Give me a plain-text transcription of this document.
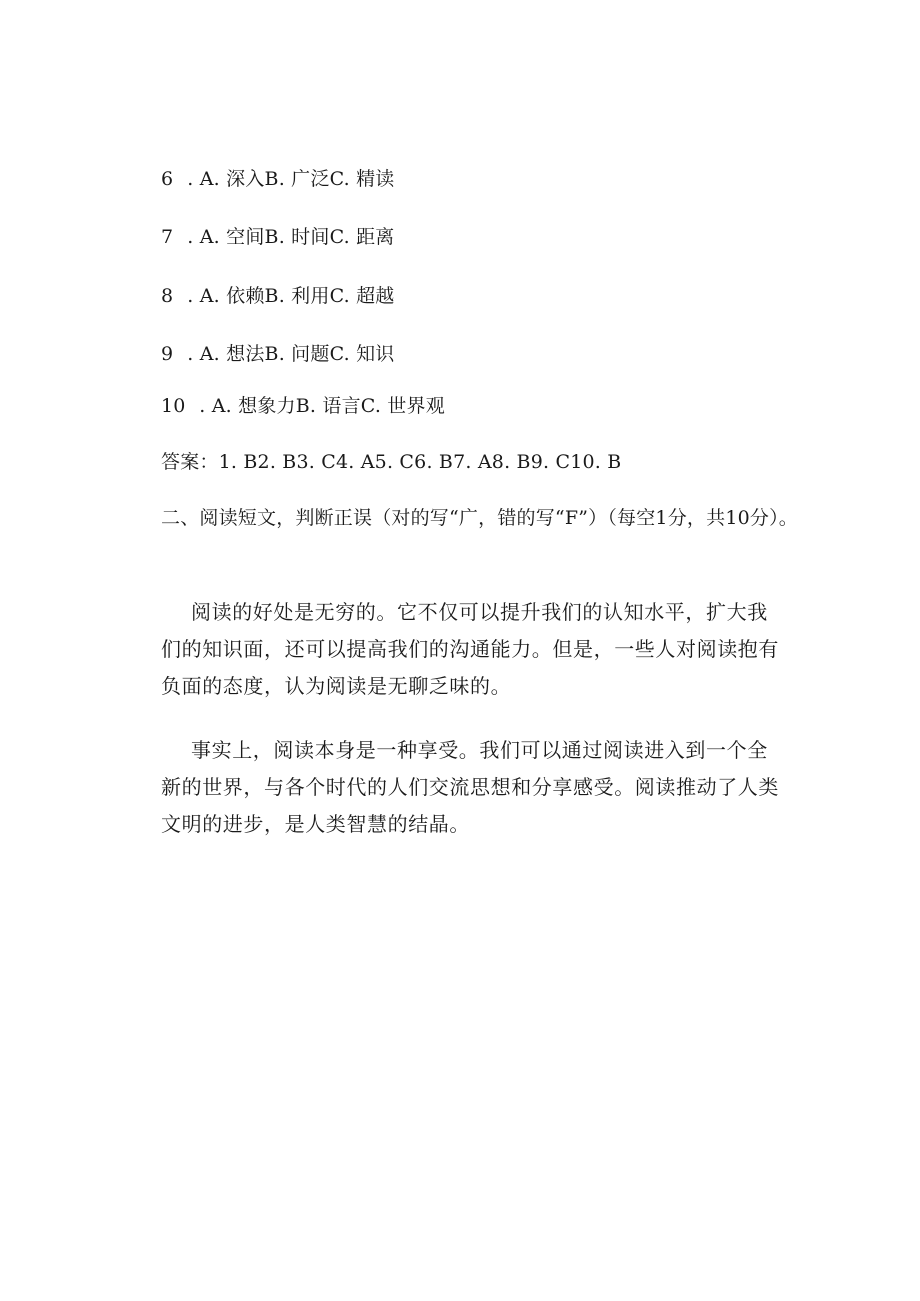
6 . A. 深入B. 广泛C. 精读
7 . A. 空间B. 时间C. 距离
8 . A. 依赖B. 利用C. 超越
9 . A. 想法B. 问题C. 知识
10 . A. 想象力B. 语言C. 世界观
答案：1. B2. B3. C4. A5. C6. B7. A8. B9. C10. B
二、阅读短文，判断正误（对的写“广，错的写“F”）（每空1分，共10分）。
阅读的好处是无穷的。它不仅可以提升我们的认知水平，扩大我们的知识面，还可以提高我们的沟通能力。但是，一些人对阅读抱有负面的态度，认为阅读是无聊乏味的。
事实上，阅读本身是一种享受。我们可以通过阅读进入到一个全新的世界，与各个时代的人们交流思想和分享感受。阅读推动了人类文明的进步，是人类智慧的结晶。
